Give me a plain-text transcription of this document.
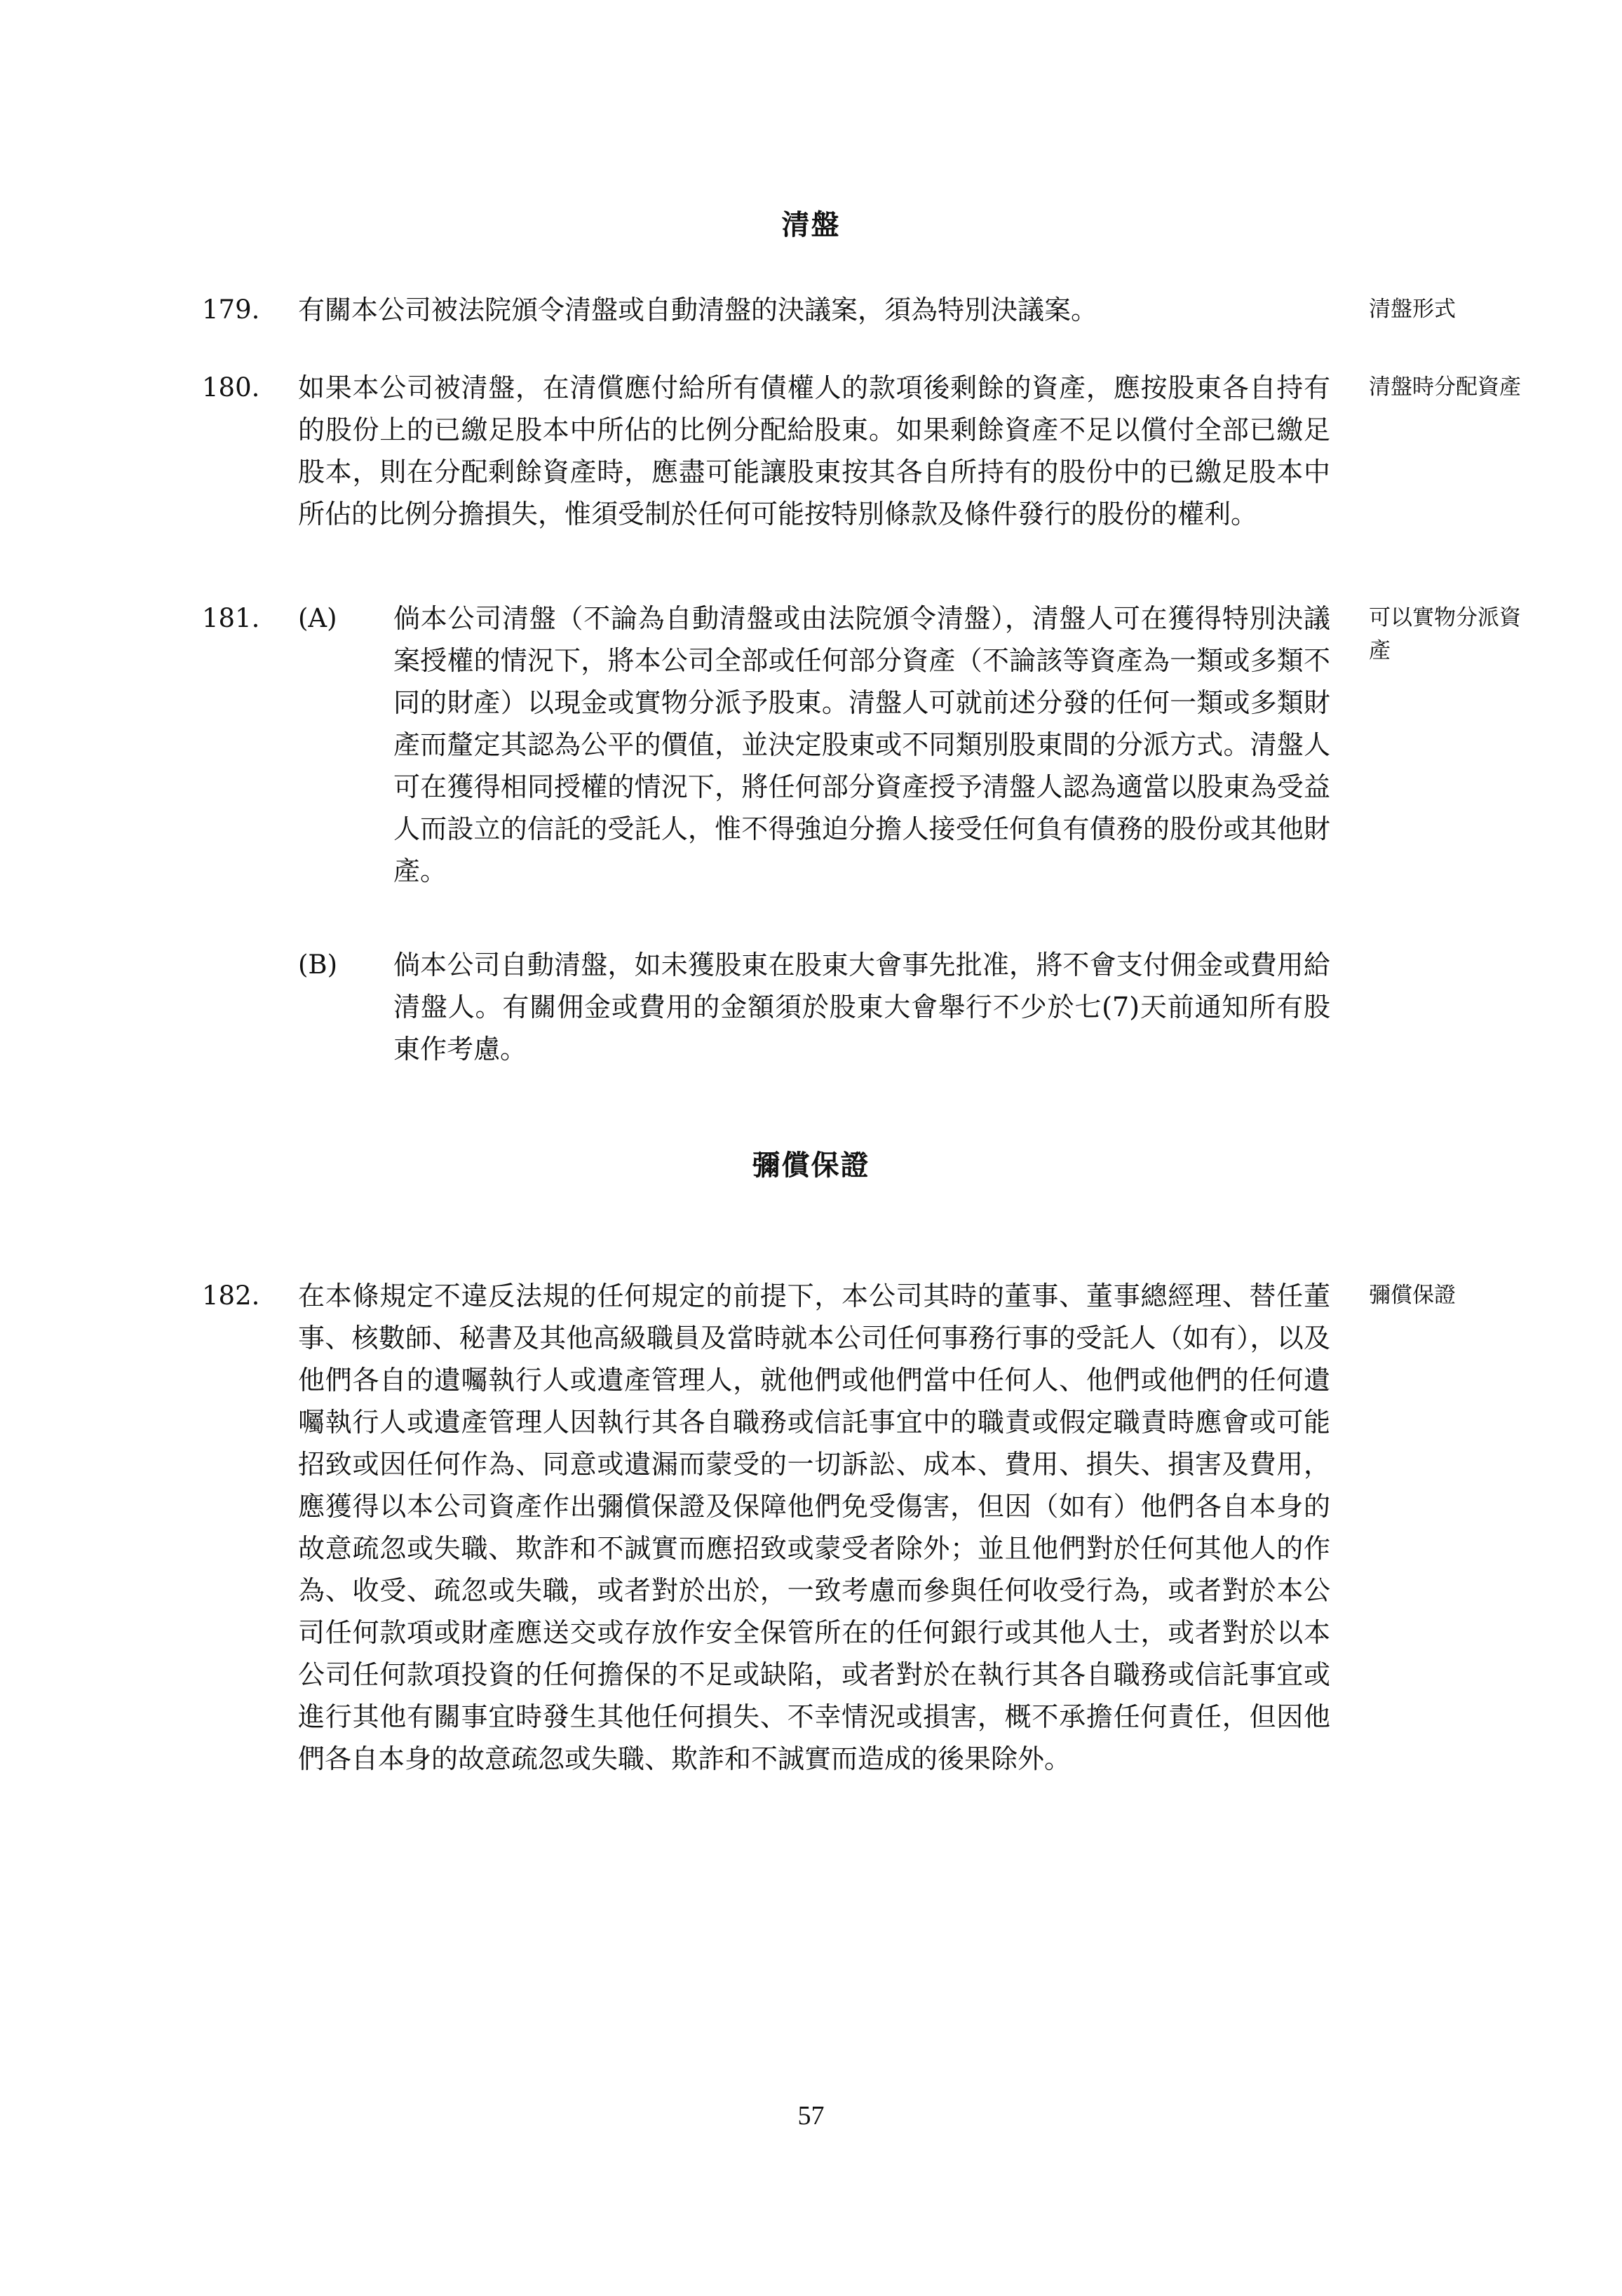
清盤
179. 有關本公司被法院頒令清盤或自動清盤的決議案，須為特別決議案。	清盤形式
180. 如果本公司被清盤，在清償應付給所有債權人的款項後剩餘的資產，應按股東各自持有的股份上的已繳足股本中所佔的比例分配給股東。如果剩餘資產不足以償付全部已繳足股本，則在分配剩餘資產時，應盡可能讓股東按其各自所持有的股份中的已繳足股本中所佔的比例分擔損失，惟須受制於任何可能按特別條款及條件發行的股份的權利。
清盤時分配資產
181. (A) 倘本公司清盤（不論為自動清盤或由法院頒令清盤），清盤人可在獲得特別決議案授權的情況下，將本公司全部或任何部分資產（不論該等資產為一類或多類不同的財產）以現金或實物分派予股東。清盤人可就前述分發的任何一類或多類財產而釐定其認為公平的價值，並決定股東或不同類別股東間的分派方式。清盤人可在獲得相同授權的情況下，將任何部分資產授予清盤人認為適當以股東為受益人而設立的信託的受託人，惟不得強迫分擔人接受任何負有債務的股份或其他財產。
可以實物分派資產
(B) 倘本公司自動清盤，如未獲股東在股東大會事先批准，將不會支付佣金或費用給清盤人。有關佣金或費用的金額須於股東大會舉行不少於七(7)天前通知所有股東作考慮。
彌償保證
182. 在本條規定不違反法規的任何規定的前提下，本公司其時的董事、董事總經理、替任董事、核數師、秘書及其他高級職員及當時就本公司任何事務行事的受託人（如有），以及他們各自的遺囑執行人或遺產管理人，就他們或他們當中任何人、他們或他們的任何遺囑執行人或遺產管理人因執行其各自職務或信託事宜中的職責或假定職責時應會或可能招致或因任何作為、同意或遺漏而蒙受的一切訴訟、成本、費用、損失、損害及費用，應獲得以本公司資產作出彌償保證及保障他們免受傷害，但因（如有）他們各自本身的故意疏忽或失職、欺詐和不誠實而應招致或蒙受者除外；並且他們對於任何其他人的作為、收受、疏忽或失職，或者對於出於，一致考慮而參與任何收受行為，或者對於本公司任何款項或財產應送交或存放作安全保管所在的任何銀行或其他人士，或者對於以本公司任何款項投資的任何擔保的不足或缺陷，或者對於在執行其各自職務或信託事宜或進行其他有關事宜時發生其他任何損失、不幸情況或損害，概不承擔任何責任，但因他們各自本身的故意疏忽或失職、欺詐和不誠實而造成的後果除外。
彌償保證
57
